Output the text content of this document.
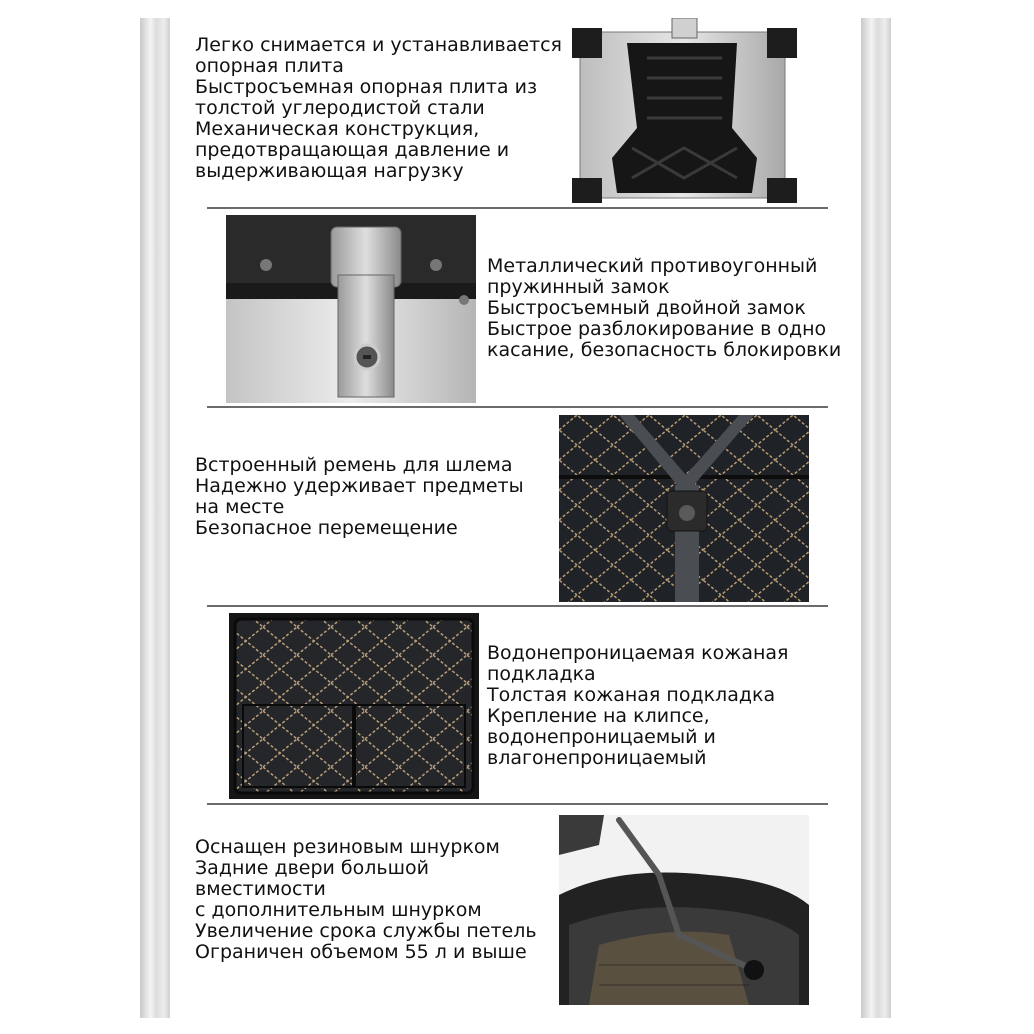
Легко снимается и устанавливается
опорная плита
Быстросъемная опорная плита из
толстой углеродистой стали
Механическая конструкция,
предотвращающая давление и
выдерживающая нагрузку
Металлический противоугонный
пружинный замок
Быстросъемный двойной замок
Быстрое разблокирование в одно
касание, безопасность блокировки
Встроенный ремень для шлема
Надежно удерживает предметы
на месте
Безопасное перемещение
Водонепроницаемая кожаная
подкладка
Толстая кожаная подкладка
Крепление на клипсе,
водонепроницаемый и
влагонепроницаемый
Оснащен резиновым шнурком
Задние двери большой
вместимости
с дополнительным шнурком
Увеличение срока службы петель
Ограничен объемом 55 л и выше
